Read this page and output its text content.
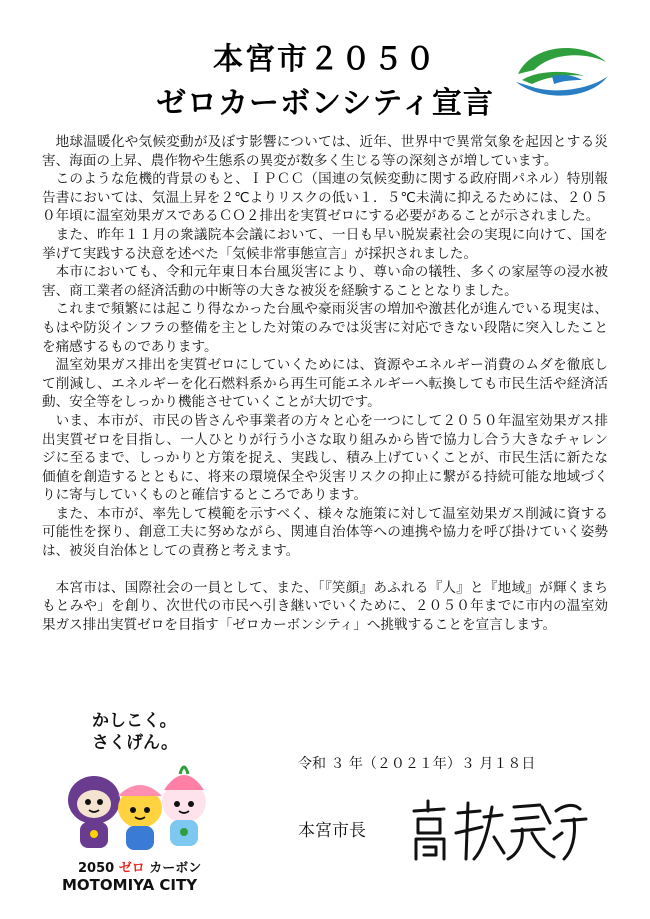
本宮市２０５０
ゼロカーボンシティ宣言

地球温暖化や気候変動が及ぼす影響については、近年、世界中で異常気象を起因とする災害、海面の上昇、農作物や生態系の異変が数多く生じる等の深刻さが増しています。

このような危機的背景のもと、ＩＰＣＣ（国連の気候変動に関する政府間パネル）特別報告書においては、気温上昇を２℃よりリスクの低い１．５℃未満に抑えるためには、２０５０年頃に温室効果ガスであるＣＯ２排出を実質ゼロにする必要があることが示されました。

また、昨年１１月の衆議院本会議において、一日も早い脱炭素社会の実現に向けて、国を挙げて実践する決意を述べた「気候非常事態宣言」が採択されました。

本市においても、令和元年東日本台風災害により、尊い命の犠牲、多くの家屋等の浸水被害、商工業者の経済活動の中断等の大きな被災を経験することとなりました。

これまで頻繁には起こり得なかった台風や豪雨災害の増加や激甚化が進んでいる現実は、もはや防災インフラの整備を主とした対策のみでは災害に対応できない段階に突入したことを痛感するものであります。

温室効果ガス排出を実質ゼロにしていくためには、資源やエネルギー消費のムダを徹底して削減し、エネルギーを化石燃料系から再生可能エネルギーへ転換しても市民生活や経済活動、安全等をしっかり機能させていくことが大切です。

いま、本市が、市民の皆さんや事業者の方々と心を一つにして２０５０年温室効果ガス排出実質ゼロを目指し、一人ひとりが行う小さな取り組みから皆で協力し合う大きなチャレンジに至るまで、しっかりと方策を捉え、実践し、積み上げていくことが、市民生活に新たな価値を創造するとともに、将来の環境保全や災害リスクの抑止に繋がる持続可能な地域づくりに寄与していくものと確信するところであります。

また、本市が、率先して模範を示すべく、様々な施策に対して温室効果ガス削減に資する可能性を探り、創意工夫に努めながら、関連自治体等への連携や協力を呼び掛けていく姿勢は、被災自治体としての責務と考えます。

本宮市は、国際社会の一員として、また、「『笑顔』あふれる『人』と『地域』が輝くまち　もとみや」を創り、次世代の市民へ引き継いでいくために、２０５０年までに市内の温室効果ガス排出実質ゼロを目指す「ゼロカーボンシティ」へ挑戦することを宣言します。

かしこく。
さくげん。
2050 ゼロ カーボン
MOTOMIYA CITY
令和 ３ 年（２０２１年）３ 月１８日
本宮市長
